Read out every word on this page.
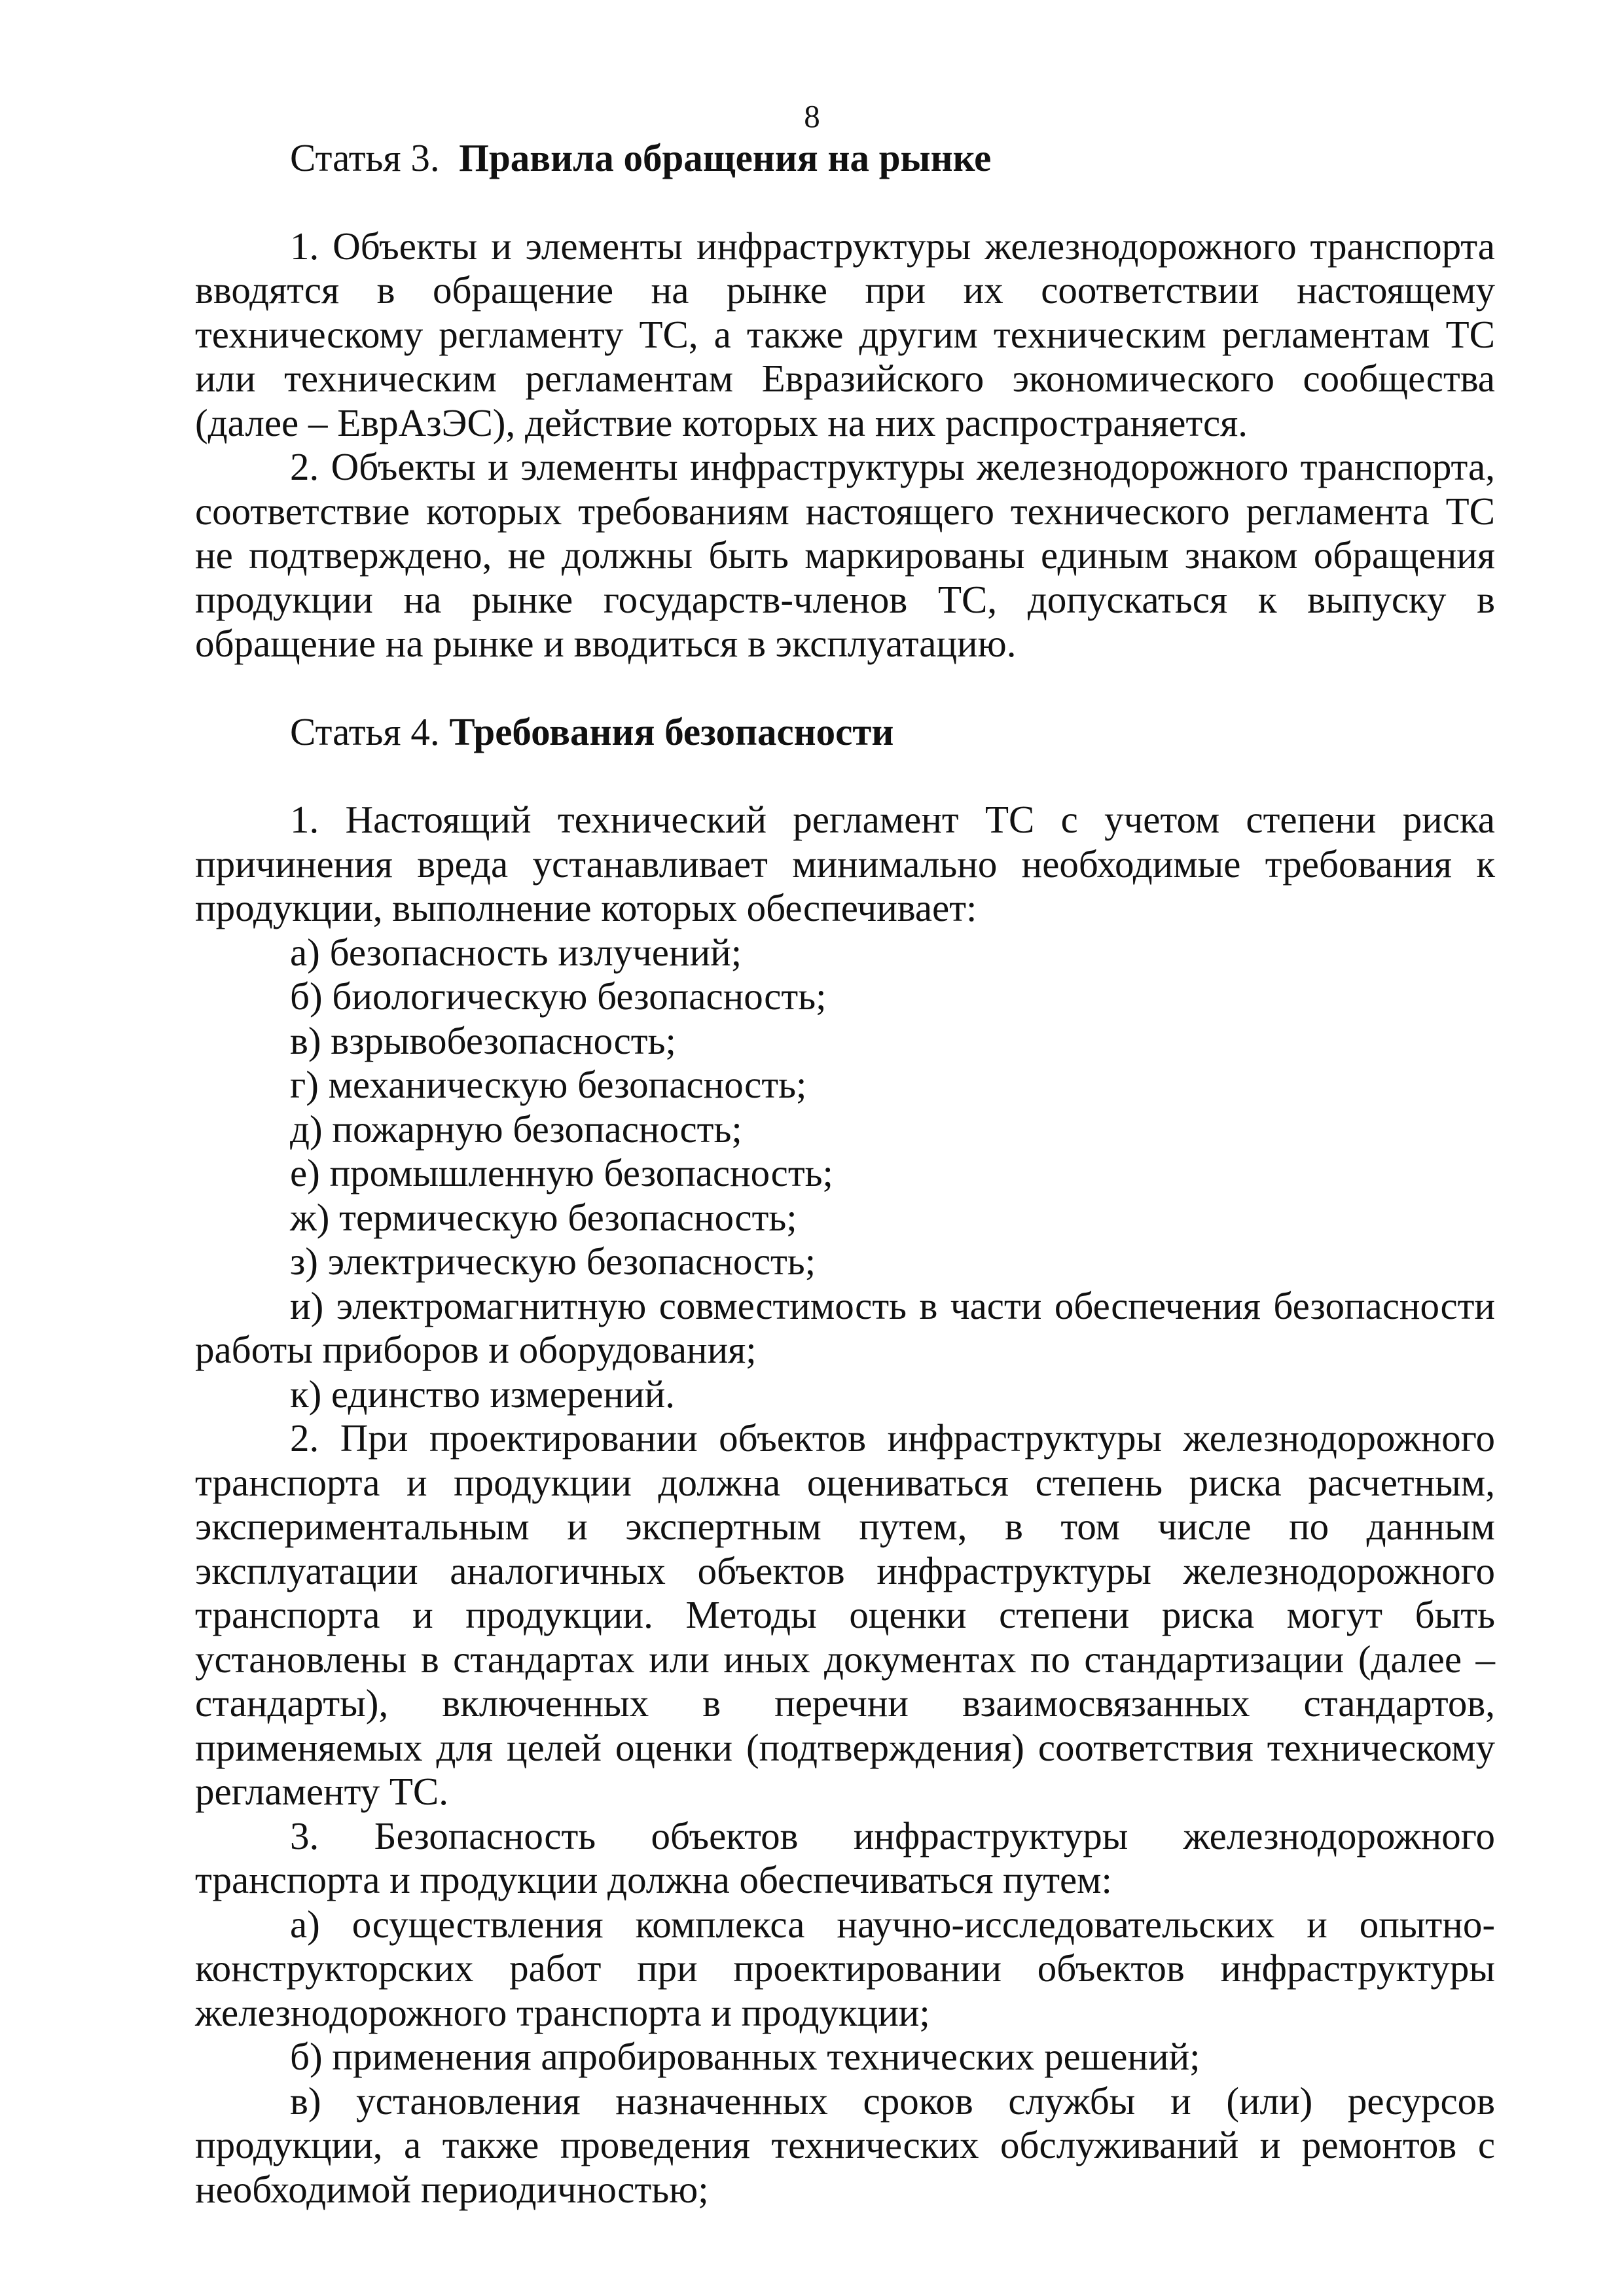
8

Статья 3. Правила обращения на рынке

1. Объекты и элементы инфраструктуры железнодорожного транспорта вводятся в обращение на рынке при их соответствии настоящему техническому регламенту ТС, а также другим техническим регламентам ТС или техническим регламентам Евразийского экономического сообщества (далее – ЕврАзЭС), действие которых на них распространяется.

2. Объекты и элементы инфраструктуры железнодорожного транспорта, соответствие которых требованиям настоящего технического регламента ТС не подтверждено, не должны быть маркированы единым знаком обращения продукции на рынке государств-членов ТС, допускаться к выпуску в обращение на рынке и вводиться в эксплуатацию.

Статья 4. Требования безопасности

1. Настоящий технический регламент ТС с учетом степени риска причинения вреда устанавливает минимально необходимые требования к продукции, выполнение которых обеспечивает:

а) безопасность излучений;

б) биологическую безопасность;

в) взрывобезопасность;

г) механическую безопасность;

д) пожарную безопасность;

е) промышленную безопасность;

ж) термическую безопасность;

з) электрическую безопасность;

и) электромагнитную совместимость в части обеспечения безопасности работы приборов и оборудования;

к) единство измерений.

2. При проектировании объектов инфраструктуры железнодорожного транспорта и продукции должна оцениваться степень риска расчетным, экспериментальным и экспертным путем, в том числе по данным эксплуатации аналогичных объектов инфраструктуры железнодорожного транспорта и продукции. Методы оценки степени риска могут быть установлены в стандартах или иных документах по стандартизации (далее – стандарты), включенных в перечни взаимосвязанных стандартов, применяемых для целей оценки (подтверждения) соответствия техническому регламенту ТС.

3. Безопасность объектов инфраструктуры железнодорожного транспорта и продукции должна обеспечиваться путем:

а) осуществления комплекса научно-исследовательских и опытно-конструкторских работ при проектировании объектов инфраструктуры железнодорожного транспорта и продукции;

б) применения апробированных технических решений;

в) установления назначенных сроков службы и (или) ресурсов продукции, а также проведения технических обслуживаний и ремонтов с необходимой периодичностью;
